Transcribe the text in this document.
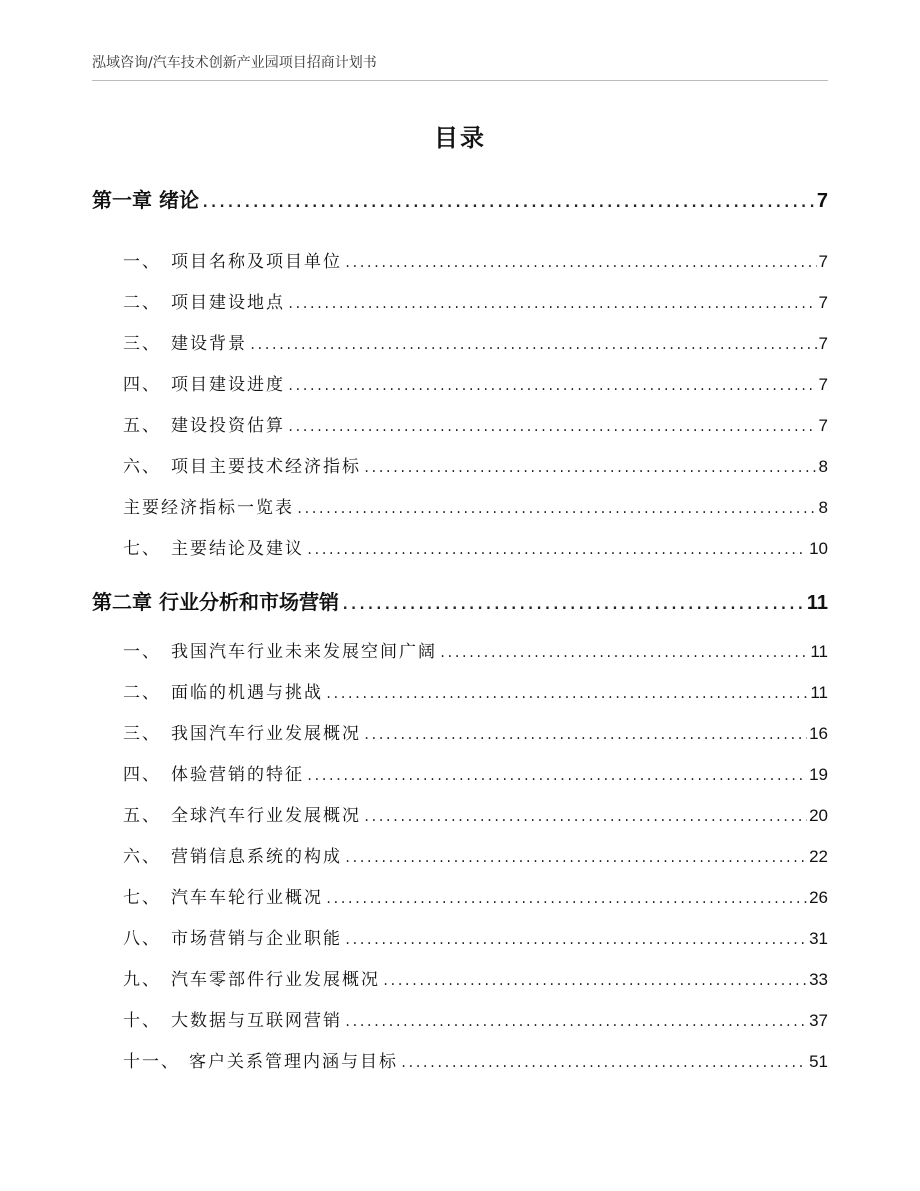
泓域咨询/汽车技术创新产业园项目招商计划书
目录
第一章 绪论 .....	7
一、 项目名称及项目单位 .....	7
二、 项目建设地点 .....	7
三、 建设背景 .....	7
四、 项目建设进度 .....	7
五、 建设投资估算 .....	7
六、 项目主要技术经济指标 .....	8
主要经济指标一览表 .....	8
七、 主要结论及建议 .....	10
第二章 行业分析和市场营销 .....	11
一、 我国汽车行业未来发展空间广阔 .....	11
二、 面临的机遇与挑战 .....	11
三、 我国汽车行业发展概况 .....	16
四、 体验营销的特征 .....	19
五、 全球汽车行业发展概况 .....	20
六、 营销信息系统的构成 .....	22
七、 汽车车轮行业概况 .....	26
八、 市场营销与企业职能 .....	31
九、 汽车零部件行业发展概况 .....	33
十、 大数据与互联网营销 .....	37
十一、 客户关系管理内涵与目标 .....	51
